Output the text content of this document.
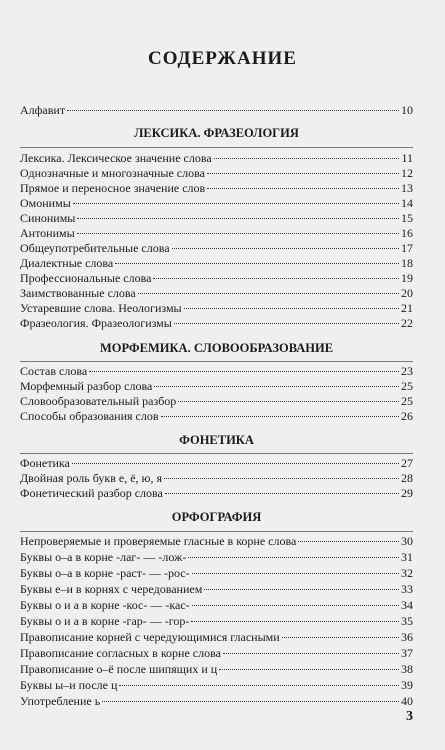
СОДЕРЖАНИЕ
Алфавит	10
ЛЕКСИКА. ФРАЗЕОЛОГИЯ
Лексика. Лексическое значение слова	11
Однозначные и многозначные слова	12
Прямое и переносное значение слов	13
Омонимы	14
Синонимы	15
Антонимы	16
Общеупотребительные слова	17
Диалектные слова	18
Профессиональные слова	19
Заимствованные слова	20
Устаревшие слова. Неологизмы	21
Фразеология. Фразеологизмы	22
МОРФЕМИКА. СЛОВООБРАЗОВАНИЕ
Состав слова	23
Морфемный разбор слова	25
Словообразовательный разбор	25
Способы образования слов	26
ФОНЕТИКА
Фонетика	27
Двойная роль букв е, ё, ю, я	28
Фонетический разбор слова	29
ОРФОГРАФИЯ
Непроверяемые и проверяемые гласные в корне слова	30
Буквы о–а в корне -лаг- — -лож-	31
Буквы о–а в корне -раст- — -рос-	32
Буквы е–и в корнях с чередованием	33
Буквы о и а в корне -кос- — -кас-	34
Буквы о и а в корне -гар- — -гор-	35
Правописание корней с чередующимися гласными	36
Правописание согласных в корне слова	37
Правописание о–ё после шипящих и ц	38
Буквы ы–и после ц	39
Употребление ь	40
3
